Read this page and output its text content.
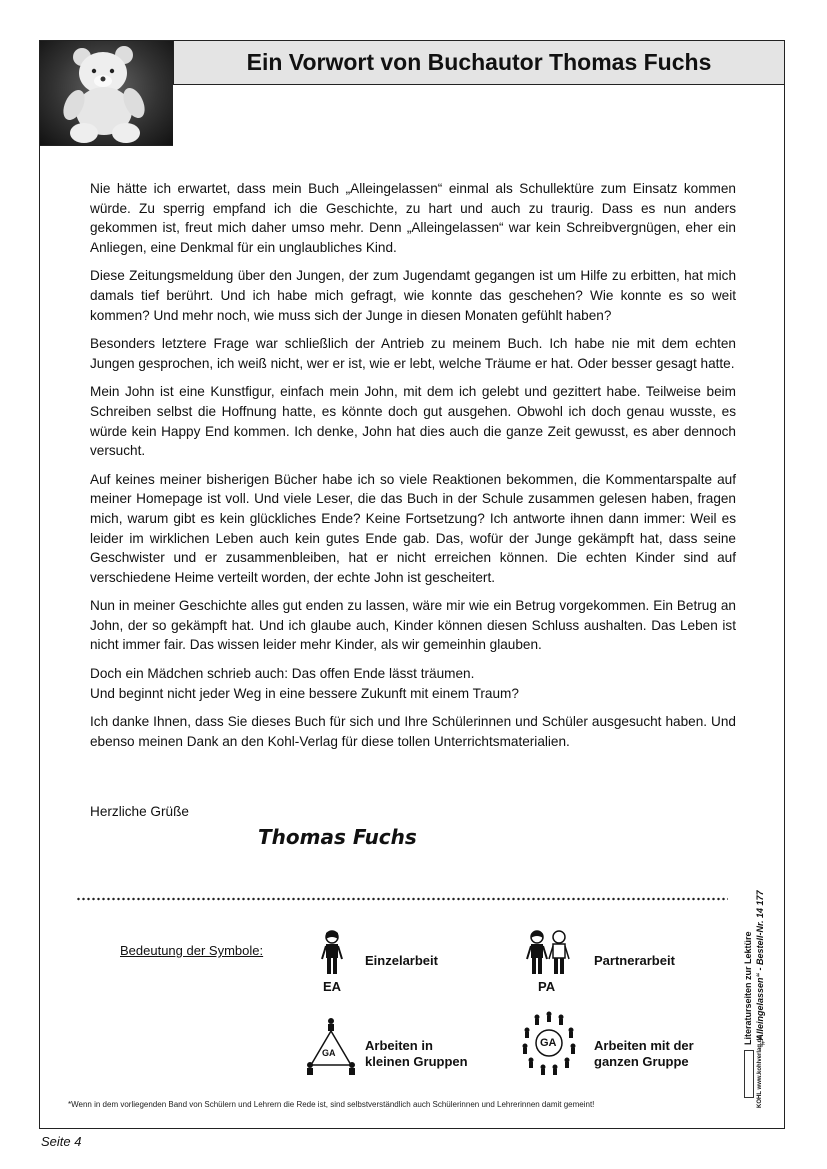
Ein Vorwort von Buchautor Thomas Fuchs

Nie hätte ich erwartet, dass mein Buch „Alleingelassen“ einmal als Schullektüre zum Einsatz kommen würde. Zu sperrig empfand ich die Geschichte, zu hart und auch zu traurig. Dass es nun anders gekommen ist, freut mich daher umso mehr. Denn „Alleingelassen“ war kein Schreibvergnügen, eher ein Anliegen, eine Denkmal für ein unglaubliches Kind.

Diese Zeitungsmeldung über den Jungen, der zum Jugendamt gegangen ist um Hilfe zu erbitten, hat mich damals tief berührt. Und ich habe mich gefragt, wie konnte das geschehen? Wie konnte es so weit kommen? Und mehr noch, wie muss sich der Junge in diesen Monaten gefühlt haben?

Besonders letztere Frage war schließlich der Antrieb zu meinem Buch. Ich habe nie mit dem echten Jungen gesprochen, ich weiß nicht, wer er ist, wie er lebt, welche Träume er hat. Oder besser gesagt hatte.

Mein John ist eine Kunstfigur, einfach mein John, mit dem ich gelebt und gezittert habe. Teilweise beim Schreiben selbst die Hoffnung hatte, es könnte doch gut ausgehen. Obwohl ich doch genau wusste, es würde kein Happy End kommen. Ich denke, John hat dies auch die ganze Zeit gewusst, es aber dennoch versucht.

Auf keines meiner bisherigen Bücher habe ich so viele Reaktionen bekommen, die Kommentarspalte auf meiner Homepage ist voll. Und viele Leser, die das Buch in der Schule zusammen gelesen haben, fragen mich, warum gibt es kein glückliches Ende? Keine Fortsetzung? Ich antworte ihnen dann immer: Weil es leider im wirklichen Leben auch kein gutes Ende gab. Das, wofür der Junge gekämpft hat, dass seine Geschwister und er zusammenbleiben, hat er nicht erreichen können. Die echten Kinder sind auf verschiedene Heime verteilt worden, der echte John ist gescheitert.

Nun in meiner Geschichte alles gut enden zu lassen, wäre mir wie ein Betrug vorgekommen. Ein Betrug an John, der so gekämpft hat. Und ich glaube auch, Kinder können diesen Schluss aushalten. Das Leben ist nicht immer fair. Das wissen leider mehr Kinder, als wir gemeinhin glauben.

Doch ein Mädchen schrieb auch: Das offen Ende lässt träumen.

Und beginnt nicht jeder Weg in eine bessere Zukunft mit einem Traum?

Ich danke Ihnen, dass Sie dieses Buch für sich und Ihre Schülerinnen und Schüler ausgesucht haben. Und ebenso meinen Dank an den Kohl-Verlag für diese tollen Unterrichtsmaterialien.

Herzliche Grüße
Thomas Fuchs
Bedeutung der Symbole:
EA
Einzelarbeit
PA
Partnerarbeit
GA Arbeiten in
kleinen Gruppen
GA	Arbeiten mit der
ganzen Gruppe
Literaturseiten zur Lektüre „Alleingelassen“ - Bestell-Nr. 14 177
KOHL www.kohlverlag.de
*Wenn in dem vorliegenden Band von Schülern und Lehrern die Rede ist, sind selbstverständlich auch Schülerinnen und Lehrerinnen damit gemeint!
Seite 4
